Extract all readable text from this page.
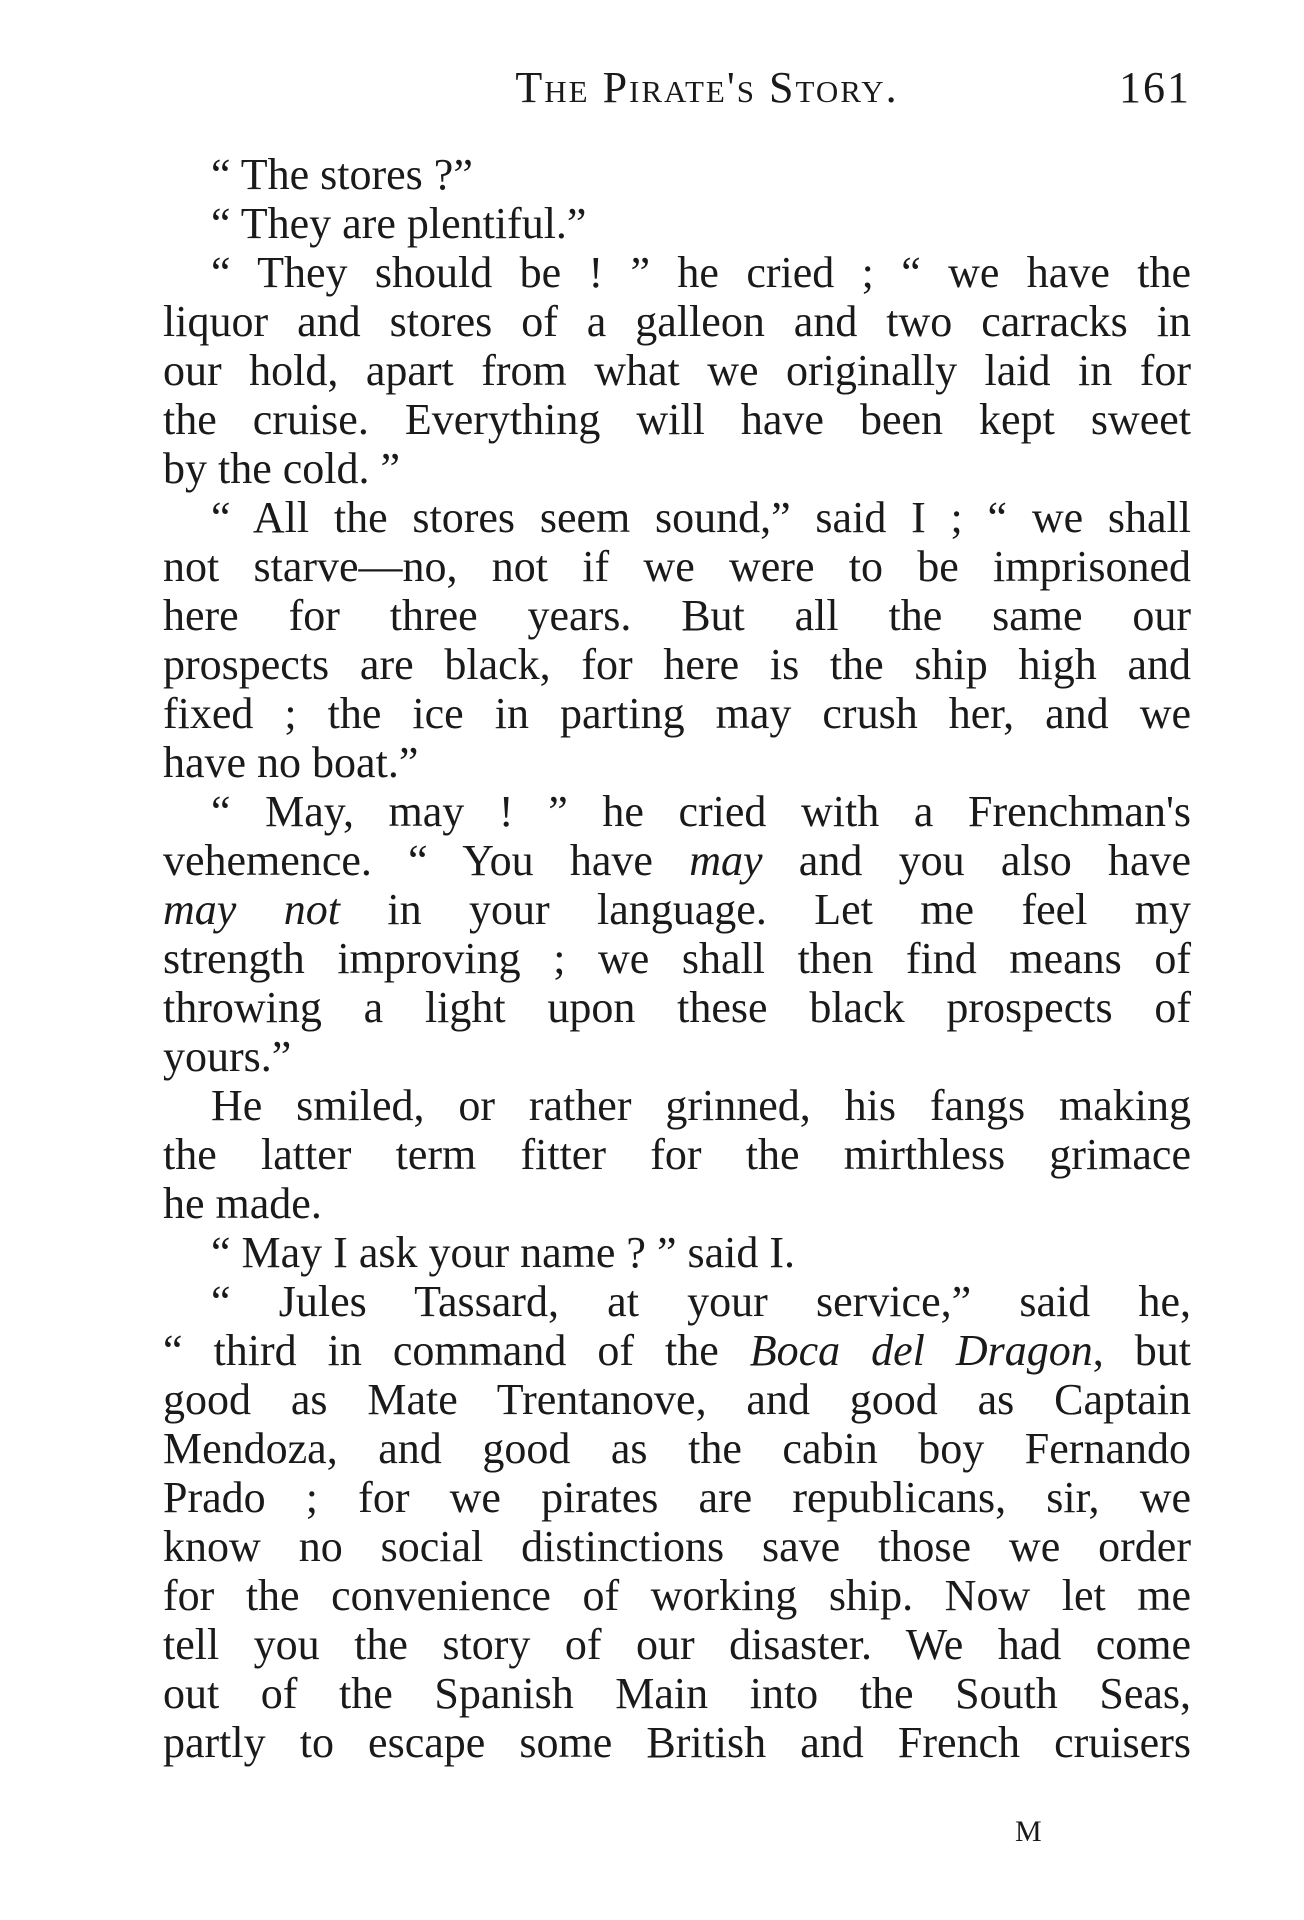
The Pirate's Story.	161
“ The stores ?”
“ They are plentiful.”
“ They should be ! ” he cried ; “ we have the
liquor and stores of a galleon and two carracks in
our hold, apart from what we originally laid in for
the cruise. Everything will have been kept sweet
by the cold. ”
“ All the stores seem sound,” said I ; “ we shall
not starve—no, not if we were to be imprisoned
here for three years. But all the same our
prospects are black, for here is the ship high and
fixed ; the ice in parting may crush her, and we
have no boat.”
“ May, may ! ” he cried with a Frenchman's
vehemence. “ You have may and you also have
may not in your language. Let me feel my
strength improving ; we shall then find means of
throwing a light upon these black prospects of
yours.”
He smiled, or rather grinned, his fangs making
the latter term fitter for the mirthless grimace
he made.
“ May I ask your name ? ” said I.
“ Jules Tassard, at your service,” said he,
“ third in command of the Boca del Dragon, but
good as Mate Trentanove, and good as Captain
Mendoza, and good as the cabin boy Fernando
Prado ; for we pirates are republicans, sir, we
know no social distinctions save those we order
for the convenience of working ship. Now let me
tell you the story of our disaster. We had come
out of the Spanish Main into the South Seas,
partly to escape some British and French cruisers
M
